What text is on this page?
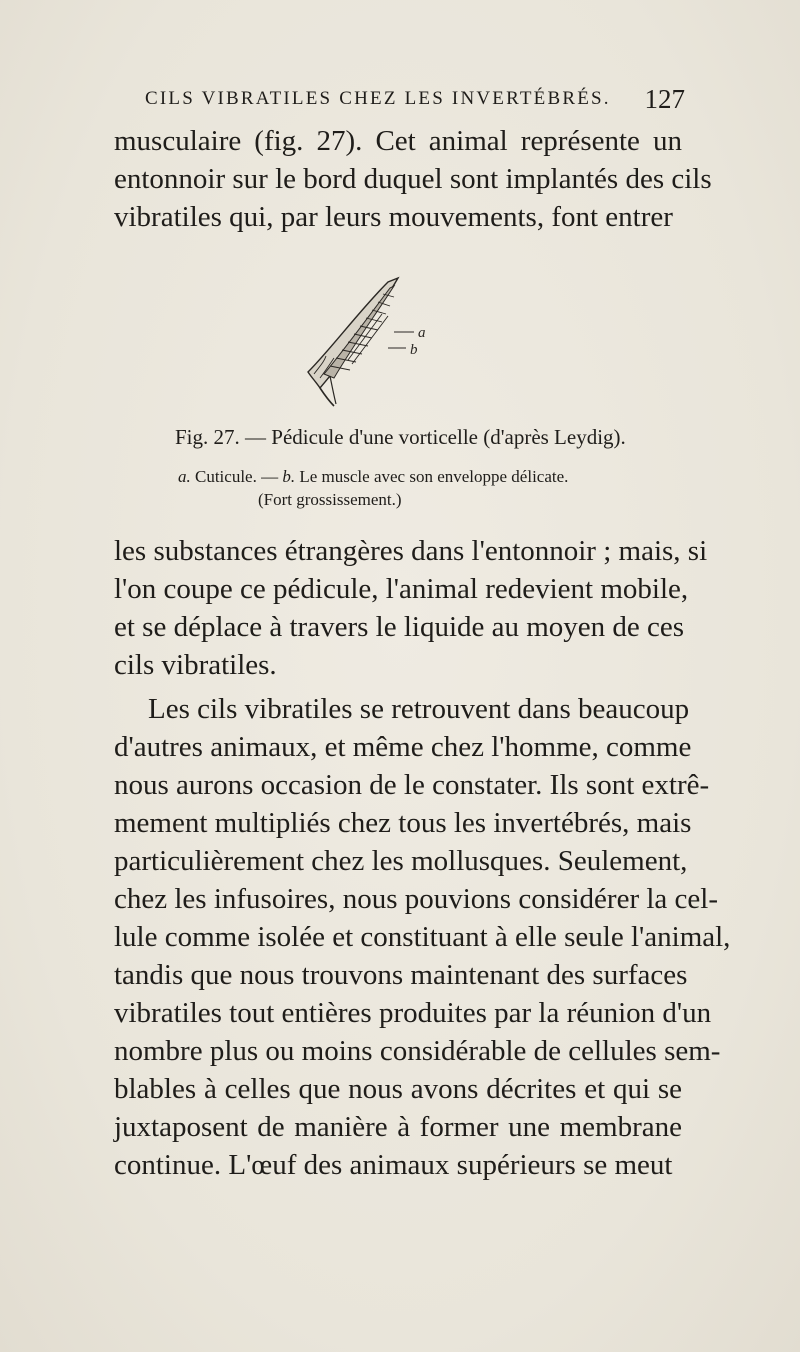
CILS VIBRATILES CHEZ LES INVERTÉBRÉS. 127
musculaire (fig. 27). Cet animal représente un
entonnoir sur le bord duquel sont implantés des cils
vibratiles qui, par leurs mouvements, font entrer
a
b
Fig. 27. — Pédicule d'une vorticelle (d'après Leydig).
a. Cuticule. — b. Le muscle avec son enveloppe délicate.
(Fort grossissement.)
les substances étrangères dans l'entonnoir ; mais, si
l'on coupe ce pédicule, l'animal redevient mobile,
et se déplace à travers le liquide au moyen de ces
cils vibratiles.
Les cils vibratiles se retrouvent dans beaucoup
d'autres animaux, et même chez l'homme, comme
nous aurons occasion de le constater. Ils sont extrê-
mement multipliés chez tous les invertébrés, mais
particulièrement chez les mollusques. Seulement,
chez les infusoires, nous pouvions considérer la cel-
lule comme isolée et constituant à elle seule l'animal,
tandis que nous trouvons maintenant des surfaces
vibratiles tout entières produites par la réunion d'un
nombre plus ou moins considérable de cellules sem-
blables à celles que nous avons décrites et qui se
juxtaposent de manière à former une membrane
continue. L'œuf des animaux supérieurs se meut
